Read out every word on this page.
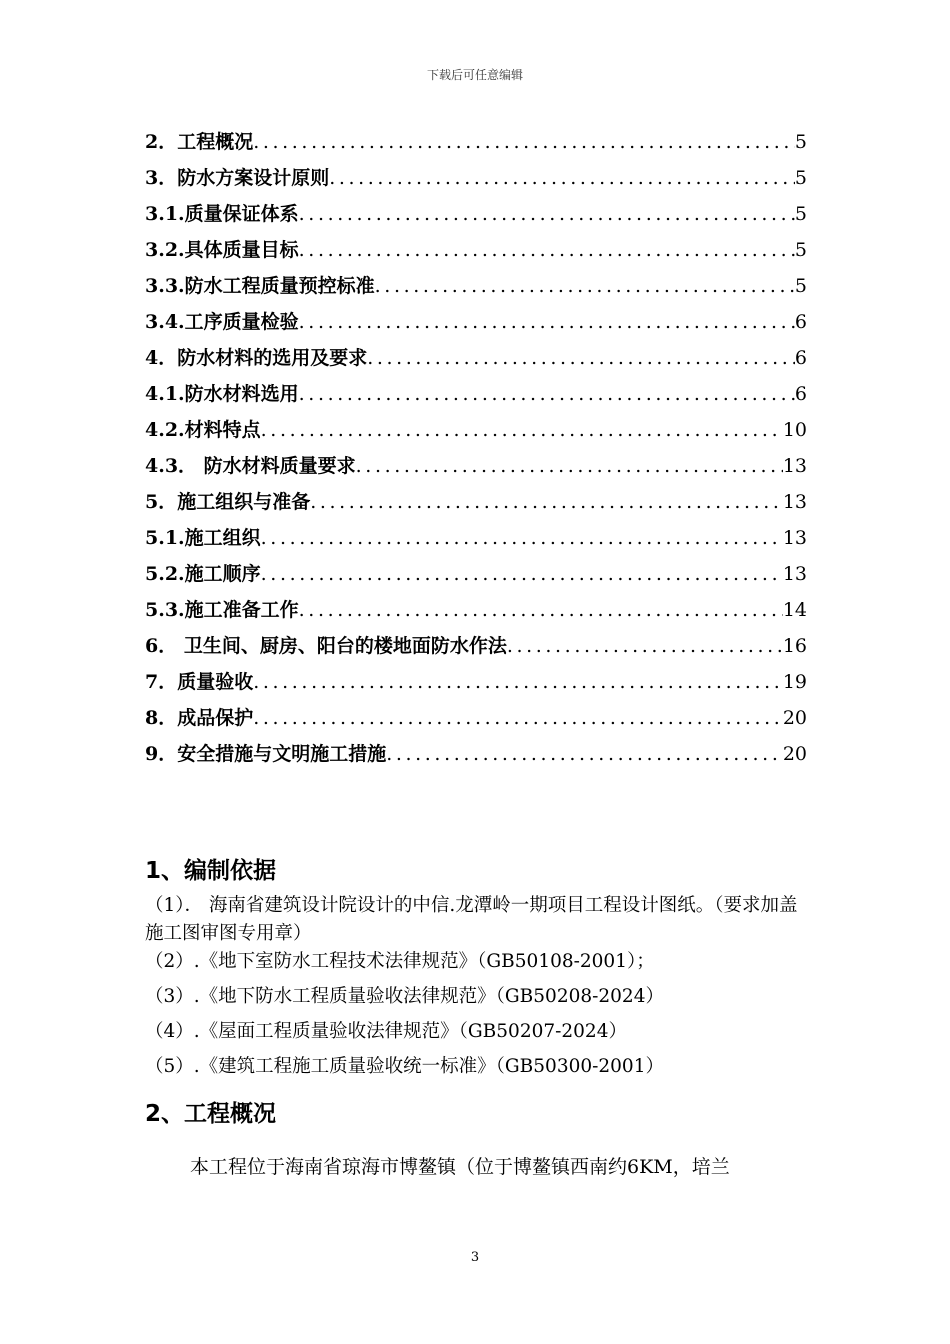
下载后可任意编辑
2．工程概况 .....	5
3．防水方案设计原则 .....	5
3.1.质量保证体系 .....	5
3.2.具体质量目标 .....	5
3.3.防水工程质量预控标准 .....	5
3.4.工序质量检验 .....	6
4．防水材料的选用及要求 .....	6
4.1.防水材料选用 .....	6
4.2.材料特点 .....	10
4.3． 防水材料质量要求 .....	13
5．施工组织与准备 .....	13
5.1.施工组织 .....	13
5.2.施工顺序 .....	13
5.3.施工准备工作 .....	14
6． 卫生间、厨房、阳台的楼地面防水作法 .....	16
7．质量验收 .....	19
8．成品保护 .....	20
9．安全措施与文明施工措施 .....	20
1、编制依据
（1）． 海南省建筑设计院设计的中信.龙潭岭一期项目工程设计图纸。（要求加盖施工图审图专用章）
（2）.《地下室防水工程技术法律规范》（GB50108-2001）；
（3）.《地下防水工程质量验收法律规范》（GB50208-2024）
（4）.《屋面工程质量验收法律规范》（GB50207-2024）
（5）.《建筑工程施工质量验收统一标准》（GB50300-2001）
2、工程概况
本工程位于海南省琼海市博鳌镇（位于博鳌镇西南约6KM，培兰
3
